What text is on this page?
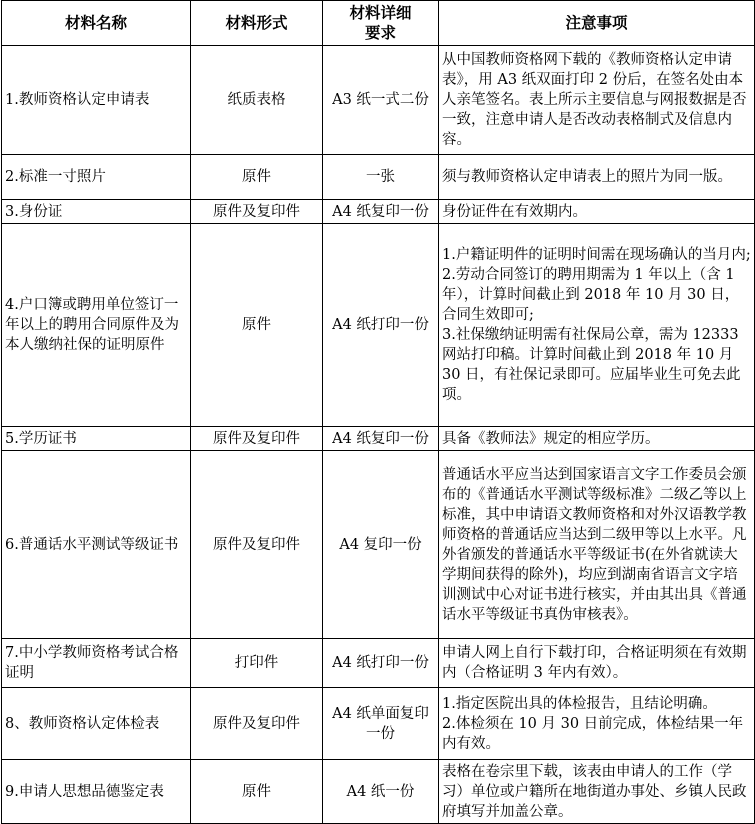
材料名称	材料形式	材料详细要求	注意事项
1.教师资格认定申请表	纸质表格	A3 纸一式二份	从中国教师资格网下载的《教师资格认定申请表》，用 A3 纸双面打印 2 份后，在签名处由本人亲笔签名。表上所示主要信息与网报数据是否一致，注意申请人是否改动表格制式及信息内容。

2.标准一寸照片	原件	一张	须与教师资格认定申请表上的照片为同一版。

3.身份证	原件及复印件	A4 纸复印一份	身份证件在有效期内。

4.户口簿或聘用单位签订一年以上的聘用合同原件及为本人缴纳社保的证明原件	原件	A4 纸打印一份	1.户籍证明件的证明时间需在现场确认的当月内;
2.劳动合同签订的聘用期需为 1 年以上（含 1 年），计算时间截止到 2018 年 10 月 30 日，合同生效即可;
3.社保缴纳证明需有社保局公章，需为 12333 网站打印稿。计算时间截止到 2018 年 10 月 30 日，有社保记录即可。应届毕业生可免去此项。

5.学历证书	原件及复印件	A4 纸复印一份	具备《教师法》规定的相应学历。

6.普通话水平测试等级证书	原件及复印件	A4 复印一份	普通话水平应当达到国家语言文字工作委员会颁布的《普通话水平测试等级标准》二级乙等以上标准，其中申请语文教师资格和对外汉语教学教师资格的普通话应当达到二级甲等以上水平。凡外省颁发的普通话水平等级证书(在外省就读大学期间获得的除外)，均应到湖南省语言文字培训测试中心对证书进行核实，并由其出具《普通话水平等级证书真伪审核表》。

7.中小学教师资格考试合格证明	打印件	A4 纸打印一份	申请人网上自行下载打印，合格证明须在有效期内（合格证明 3 年内有效）。

8、教师资格认定体检表	原件及复印件	A4 纸单面复印一份	1.指定医院出具的体检报告，且结论明确。
2.体检须在 10 月 30 日前完成，体检结果一年内有效。

9.申请人思想品德鉴定表	原件	A4 纸一份	表格在卷宗里下载，该表由申请人的工作（学习）单位或户籍所在地街道办事处、乡镇人民政府填写并加盖公章。
